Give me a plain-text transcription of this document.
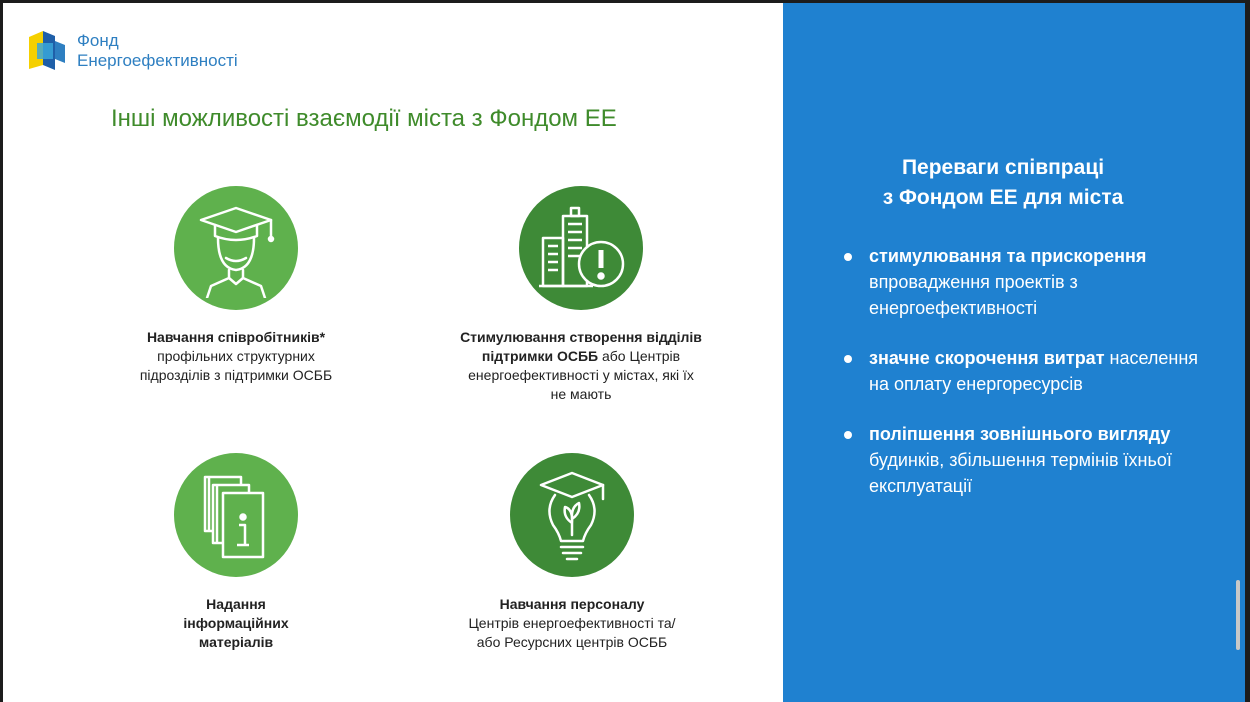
Фонд
Енергоефективності
Інші можливості взаємодії міста з Фондом ЕЕ
Навчання співробітників*
профільних структурних підрозділів з підтримки ОСББ
Стимулювання створення відділів підтримки ОСББ або Центрів енергоефективності у містах, які їх не мають
Надання інформаційних матеріалів
Навчання персоналу
Центрів енергоефективності та/або Ресурсних центрів ОСББ
Переваги співпраці
з Фондом ЕЕ для міста
стимулювання та прискорення впровадження проектів з енергоефективності
значне скорочення витрат населення на оплату енергоресурсів
поліпшення зовнішнього вигляду будинків, збільшення термінів їхньої експлуатації
